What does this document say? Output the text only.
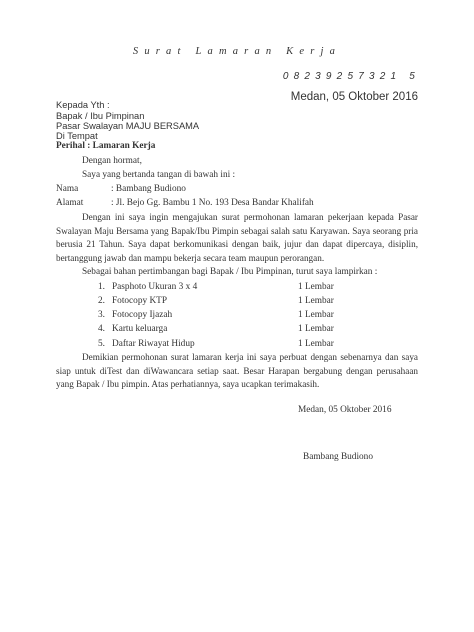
Surat Lamaran Kerja
08239257321 5
Medan, 05 Oktober 2016
Kepada Yth :
Bapak / Ibu Pimpinan
Pasar Swalayan MAJU BERSAMA
Di Tempat
Perihal : Lamaran Kerja
Dengan hormat,
Saya yang bertanda tangan di bawah ini :
Nama	: Bambang Budiono
Alamat	: Jl. Bejo Gg. Bambu 1 No. 193 Desa Bandar Khalifah
Dengan ini saya ingin mengajukan surat permohonan lamaran pekerjaan kepada Pasar Swalayan Maju Bersama yang Bapak/Ibu Pimpin sebagai salah satu Karyawan. Saya seorang pria berusia 21 Tahun. Saya dapat berkomunikasi dengan baik, jujur dan dapat dipercaya, disiplin, bertanggung jawab dan mampu bekerja secara team maupun perorangan.
Sebagai bahan pertimbangan bagi Bapak / Ibu Pimpinan, turut saya lampirkan :
1. Pasphoto Ukuran 3 x 4	1 Lembar
2. Fotocopy KTP	1 Lembar
3. Fotocopy Ijazah	1 Lembar
4. Kartu keluarga	1 Lembar
5. Daftar Riwayat Hidup	1 Lembar
Demikian permohonan surat lamaran kerja ini saya perbuat dengan sebenarnya dan saya siap untuk diTest dan diWawancara setiap saat. Besar Harapan bergabung dengan perusahaan yang Bapak / Ibu pimpin. Atas perhatiannya, saya ucapkan terimakasih.
Medan, 05 Oktober 2016
Bambang Budiono
